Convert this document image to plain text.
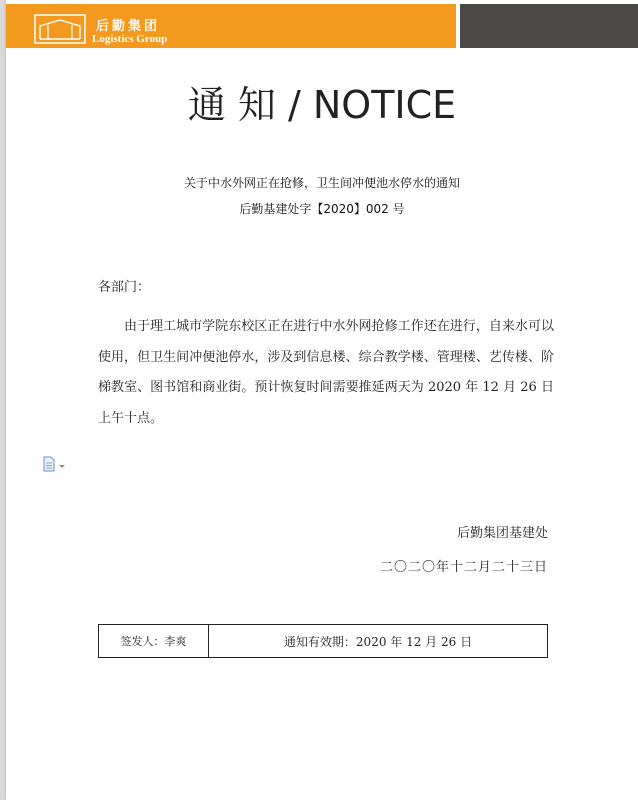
后勤集团
Logistics Group
通 知 / NOTICE
关于中水外网正在抢修，卫生间冲便池水停水的通知
后勤基建处字【2020】002 号
各部门：
由于理工城市学院东校区正在进行中水外网抢修工作还在进行，自来水可以使用，但卫生间冲便池停水，涉及到信息楼、综合教学楼、管理楼、艺传楼、阶梯教室、图书馆和商业街。预计恢复时间需要推延两天为 2020 年 12 月 26 日上午十点。
后勤集团基建处
二〇二〇年十二月二十三日
签发人：李爽	通知有效期：2020 年 12 月 26 日
